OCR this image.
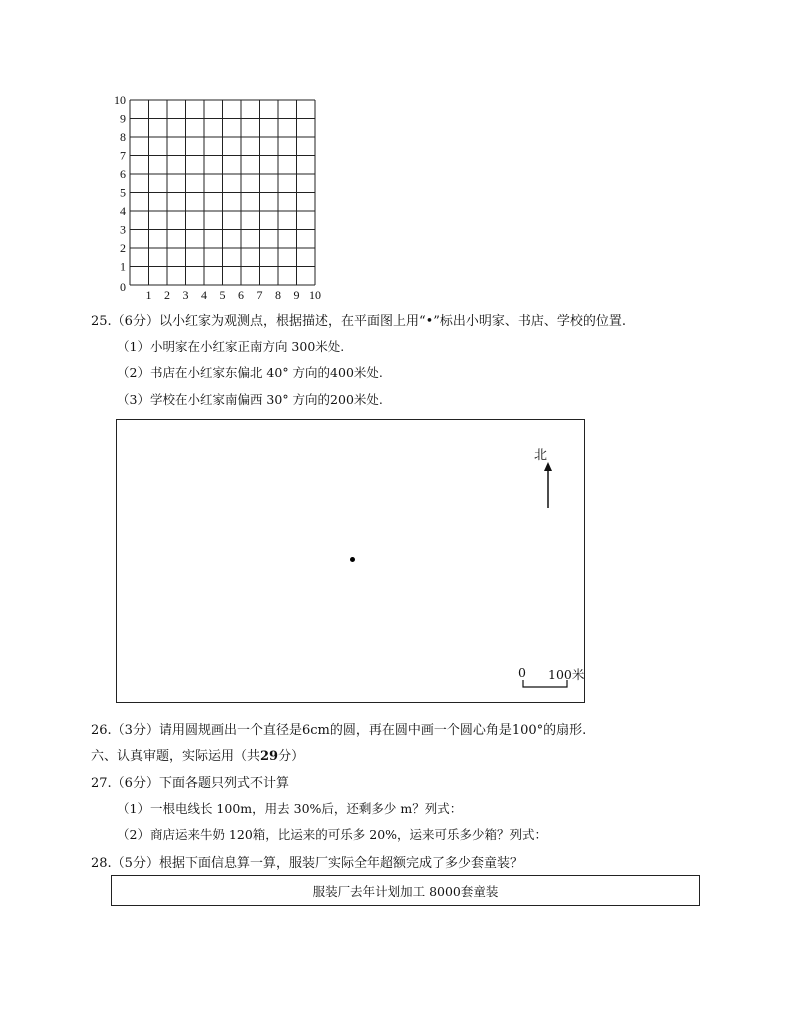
10
9
8
7
6
5
4
3
2
1
0
1 2 3 4 5 6 7 8 9 10
25.（6分）以小红家为观测点，根据描述，在平面图上用“•”标出小明家、书店、学校的位置.
（1）小明家在小红家正南方向 300米处.
（2）书店在小红家东偏北 40° 方向的400米处.
（3）学校在小红家南偏西 30° 方向的200米处.
北
0 100米
26.（3分）请用圆规画出一个直径是6cm的圆，再在圆中画一个圆心角是100°的扇形.
六、认真审题，实际运用（共29分）
27.（6分）下面各题只列式不计算
（1）一根电线长 100m，用去 30%后，还剩多少 m？列式：
（2）商店运来牛奶 120箱，比运来的可乐多 20%，运来可乐多少箱？列式：
28.（5分）根据下面信息算一算，服装厂实际全年超额完成了多少套童装？
服装厂去年计划加工 8000套童装
